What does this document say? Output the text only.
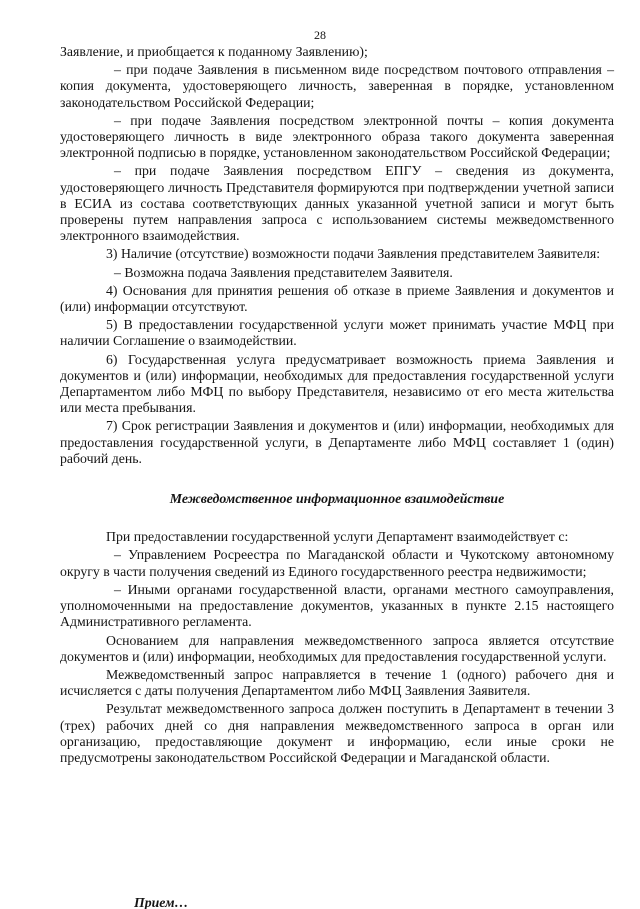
28

Заявление, и приобщается к поданному Заявлению);

– при подаче Заявления в письменном виде посредством почтового отправления – копия документа, удостоверяющего личность, заверенная в порядке, установленном законодательством Российской Федерации;

– при подаче Заявления посредством электронной почты – копия документа удостоверяющего личность в виде электронного образа такого документа заверенная электронной подписью в порядке, установленном законодательством Российской Федерации;

– при подаче Заявления посредством ЕПГУ – сведения из документа, удостоверяющего личность Представителя формируются при подтверждении учетной записи в ЕСИА из состава соответствующих данных указанной учетной записи и могут быть проверены путем направления запроса с использованием системы межведомственного электронного взаимодействия.

3) Наличие (отсутствие) возможности подачи Заявления представителем Заявителя:

– Возможна подача Заявления представителем Заявителя.

4) Основания для принятия решения об отказе в приеме Заявления и документов и (или) информации отсутствуют.

5) В предоставлении государственной услуги может принимать участие МФЦ при наличии Соглашение о взаимодействии.

6) Государственная услуга предусматривает возможность приема Заявления и документов и (или) информации, необходимых для предоставления государственной услуги Департаментом либо МФЦ по выбору Представителя, независимо от его места жительства или места пребывания.

7) Срок регистрации Заявления и документов и (или) информации, необходимых для предоставления государственной услуги, в Департаменте либо МФЦ составляет 1 (один) рабочий день.

Межведомственное информационное взаимодействие

При предоставлении государственной услуги Департамент взаимодействует с:

– Управлением Росреестра по Магаданской области и Чукотскому автономному округу в части получения сведений из Единого государственного реестра недвижимости;

– Иными органами государственной власти, органами местного самоуправления, уполномоченными на предоставление документов, указанных в пункте 2.15 настоящего Административного регламента.

Основанием для направления межведомственного запроса является отсутствие документов и (или) информации, необходимых для предоставления государственной услуги.

Межведомственный запрос направляется в течение 1 (одного) рабочего дня и исчисляется с даты получения Департаментом либо МФЦ Заявления Заявителя.

Результат межведомственного запроса должен поступить в Департамент в течении 3 (трех) рабочих дней со дня направления межведомственного запроса в орган или организацию, предоставляющие документ и информацию, если иные сроки не предусмотрены законодательством Российской Федерации и Магаданской области.

Прием…
